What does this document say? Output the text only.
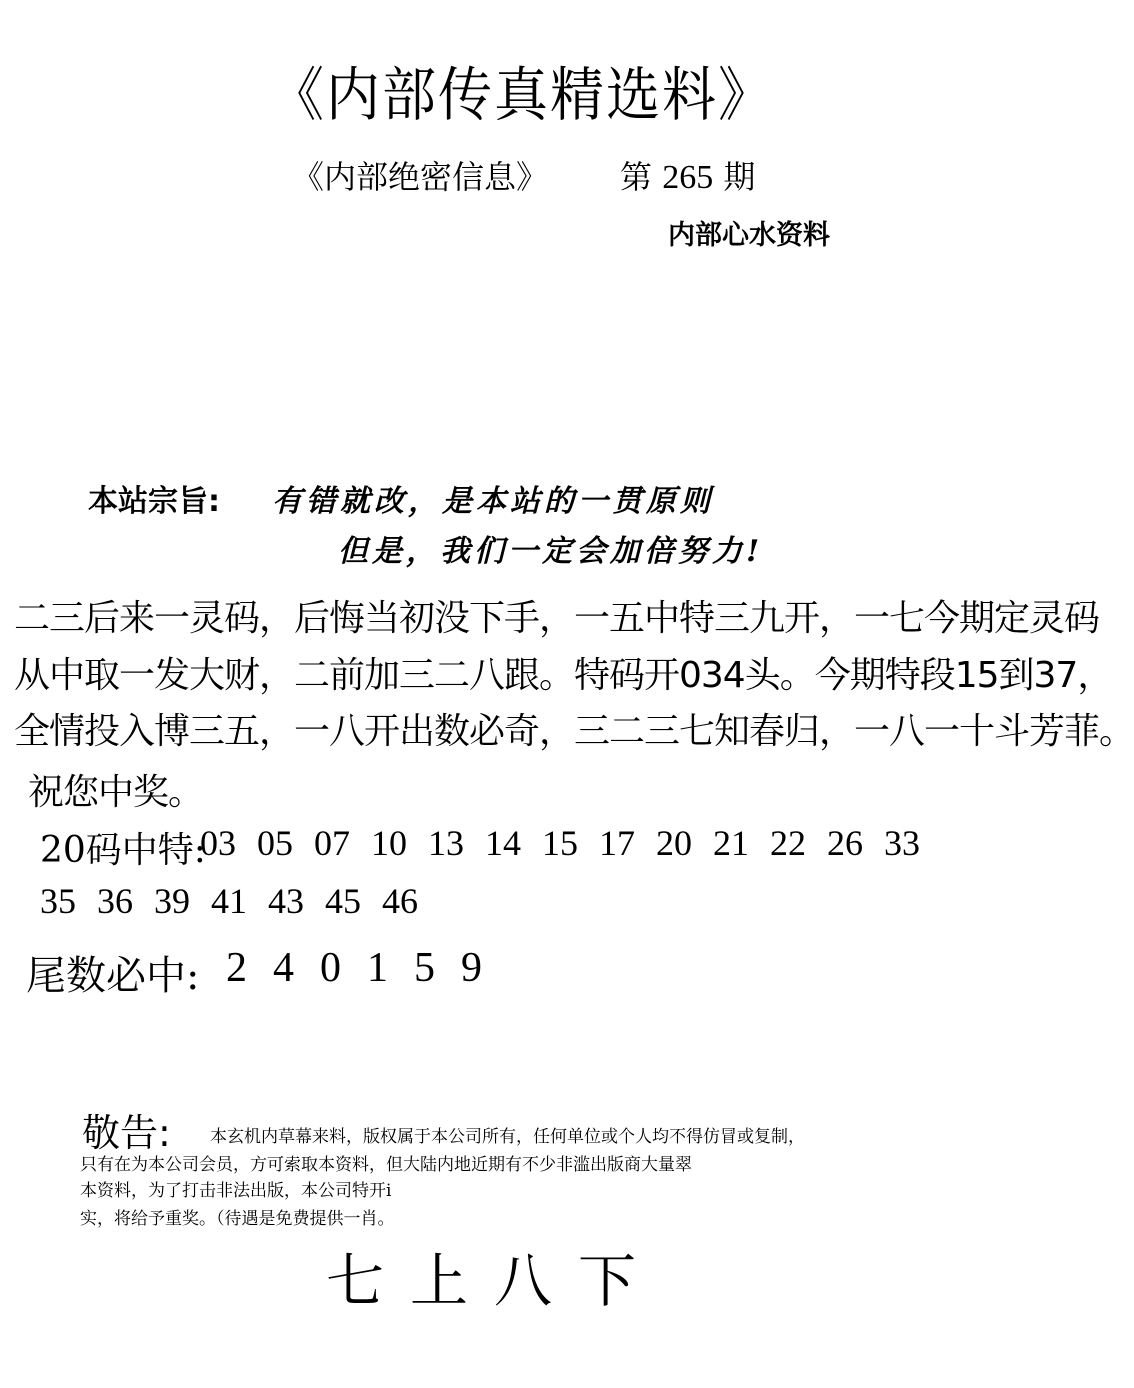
《内部传真精选料》
《内部绝密信息》 第 265 期
内部心水资料
本站宗旨: 有错就改，是本站的一贯原则
但是，我们一定会加倍努力!
二三后来一灵码，后悔当初没下手，一五中特三九开，一七今期定灵码
从中取一发大财，二前加三二八跟。特码开034头。今期特段15到37，
全情投入博三五，一八开出数必奇，三二三七知春归，一八一十斗芳菲。
祝您中奖。
20码中特:
03 05 07 10 13 14 15 17 20 21 22 26 33
35 36 39 41 43 45 46
尾数必中: 2 4 0 1 5 9
敬告: 本玄机内草幕来料，版权属于本公司所有，任何单位或个人均不得仿冒或复制，
只有在为本公司会员，方可索取本资料，但大陆内地近期有不少非滥出版商大量翠
本资料，为了打击非法出版，本公司特开i
实，将给予重奖。（待遇是免费提供一肖。
七上八下
